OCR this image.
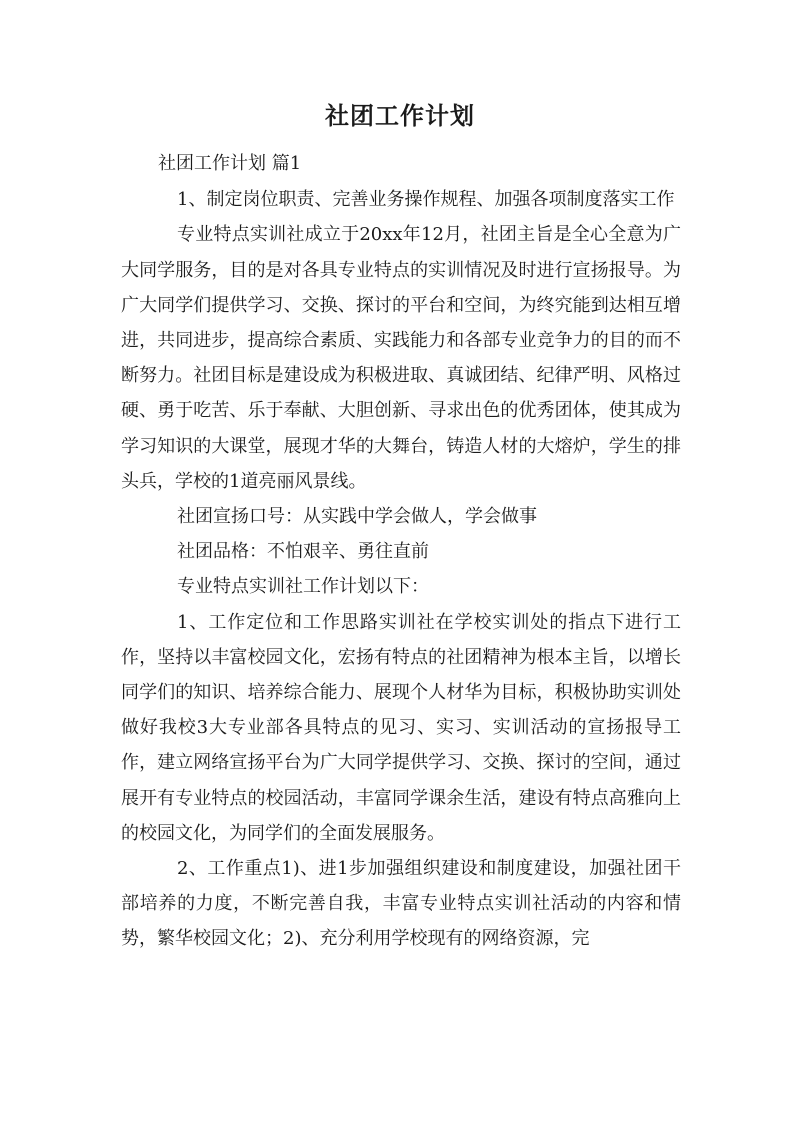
社团工作计划

社团工作计划 篇1

1、制定岗位职责、完善业务操作规程、加强各项制度落实工作

专业特点实训社成立于20xx年12月，社团主旨是全心全意为广大同学服务，目的是对各具专业特点的实训情况及时进行宣扬报导。为广大同学们提供学习、交换、探讨的平台和空间，为终究能到达相互增进，共同进步，提高综合素质、实践能力和各部专业竞争力的目的而不断努力。社团目标是建设成为积极进取、真诚团结、纪律严明、风格过硬、勇于吃苦、乐于奉献、大胆创新、寻求出色的优秀团体，使其成为学习知识的大课堂，展现才华的大舞台，铸造人材的大熔炉，学生的排头兵，学校的1道亮丽风景线。

社团宣扬口号：从实践中学会做人，学会做事

社团品格：不怕艰辛、勇往直前

专业特点实训社工作计划以下：

1、工作定位和工作思路实训社在学校实训处的指点下进行工作，坚持以丰富校园文化，宏扬有特点的社团精神为根本主旨，以增长同学们的知识、培养综合能力、展现个人材华为目标，积极协助实训处做好我校3大专业部各具特点的见习、实习、实训活动的宣扬报导工作，建立网络宣扬平台为广大同学提供学习、交换、探讨的空间，通过展开有专业特点的校园活动，丰富同学课余生活，建设有特点高雅向上的校园文化，为同学们的全面发展服务。

2、工作重点1)、进1步加强组织建设和制度建设，加强社团干部培养的力度，不断完善自我，丰富专业特点实训社活动的内容和情势，繁华校园文化；2)、充分利用学校现有的网络资源，完
